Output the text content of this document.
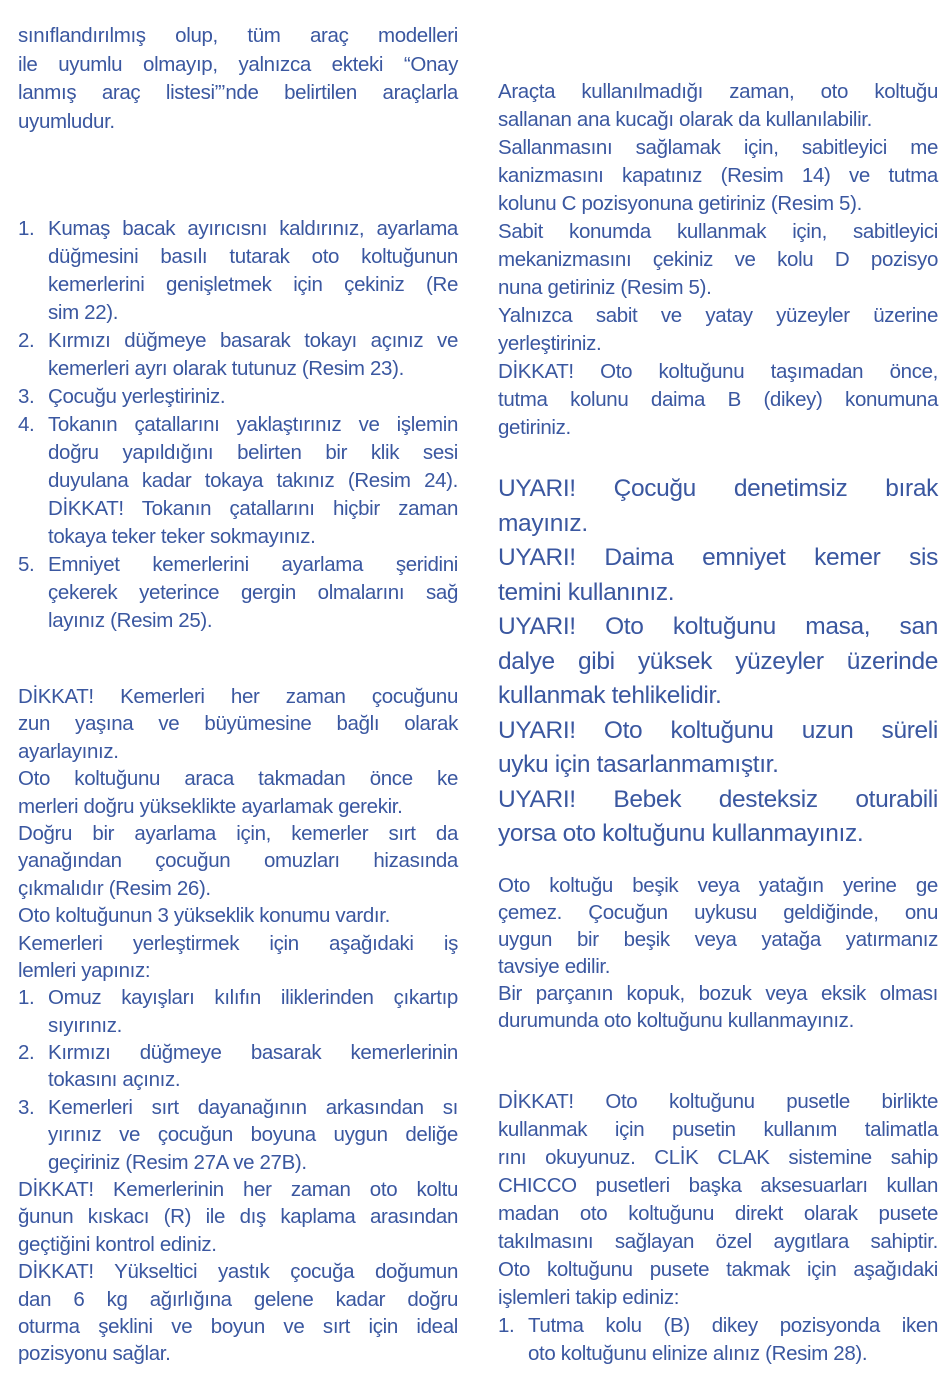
sınıflandırılmış olup, tüm araç modelleri
ile uyumlu olmayıp, yalnızca ekteki “Onay
lanmış araç listesi”’nde belirtilen araçlarla
uyumludur.
1. Kumaş bacak ayırıcısnı kaldırınız, ayarlama
düğmesini basılı tutarak oto koltuğunun
kemerlerini genişletmek için çekiniz (Re
sim 22).
2. Kırmızı düğmeye basarak tokayı açınız ve
kemerleri ayrı olarak tutunuz (Resim 23).
3. Çocuğu yerleştiriniz.
4. Tokanın çatallarını yaklaştırınız ve işlemin
doğru yapıldığını belirten bir klik sesi
duyulana kadar tokaya takınız (Resim 24).
DİKKAT! Tokanın çatallarını hiçbir zaman
tokaya teker teker sokmayınız.
5. Emniyet kemerlerini ayarlama şeridini
çekerek yeterince gergin olmalarını sağ
layınız (Resim 25).
DİKKAT! Kemerleri her zaman çocuğunu
zun yaşına ve büyümesine bağlı olarak
ayarlayınız.
Oto koltuğunu araca takmadan önce ke
merleri doğru yükseklikte ayarlamak gerekir.
Doğru bir ayarlama için, kemerler sırt da
yanağından çocuğun omuzları hizasında
çıkmalıdır (Resim 26).
Oto koltuğunun 3 yükseklik konumu vardır.
Kemerleri yerleştirmek için aşağıdaki iş
lemleri yapınız:
1. Omuz kayışları kılıfın iliklerinden çıkartıp
sıyırınız.
2. Kırmızı düğmeye basarak kemerlerinin
tokasını açınız.
3. Kemerleri sırt dayanağının arkasından sı
yırınız ve çocuğun boyuna uygun deliğe
geçiriniz (Resim 27A ve 27B).
DİKKAT! Kemerlerinin her zaman oto koltu
ğunun kıskacı (R) ile dış kaplama arasından
geçtiğini kontrol ediniz.
DİKKAT! Yükseltici yastık çocuğa doğumun
dan 6 kg ağırlığına gelene kadar doğru
oturma şeklini ve boyun ve sırt için ideal
pozisyonu sağlar.
Araçta kullanılmadığı zaman, oto koltuğu
sallanan ana kucağı olarak da kullanılabilir.
Sallanmasını sağlamak için, sabitleyici me
kanizmasını kapatınız (Resim 14) ve tutma
kolunu C pozisyonuna getiriniz (Resim 5).
Sabit konumda kullanmak için, sabitleyici
mekanizmasını çekiniz ve kolu D pozisyo
nuna getiriniz (Resim 5).
Yalnızca sabit ve yatay yüzeyler üzerine
yerleştiriniz.
DİKKAT! Oto koltuğunu taşımadan önce,
tutma kolunu daima B (dikey) konumuna
getiriniz.
UYARI! Çocuğu denetimsiz bırak
mayınız.
UYARI! Daima emniyet kemer sis
temini kullanınız.
UYARI! Oto koltuğunu masa, san
dalye gibi yüksek yüzeyler üzerinde
kullanmak tehlikelidir.
UYARI! Oto koltuğunu uzun süreli
uyku için tasarlanmamıştır.
UYARI! Bebek desteksiz oturabili
yorsa oto koltuğunu kullanmayınız.
Oto koltuğu beşik veya yatağın yerine ge
çemez. Çocuğun uykusu geldiğinde, onu
uygun bir beşik veya yatağa yatırmanız
tavsiye edilir.
Bir parçanın kopuk, bozuk veya eksik olması
durumunda oto koltuğunu kullanmayınız.
DİKKAT! Oto koltuğunu pusetle birlikte
kullanmak için pusetin kullanım talimatla
rını okuyunuz. CLİK CLAK sistemine sahip
CHICCO pusetleri başka aksesuarları kullan
madan oto koltuğunu direkt olarak pusete
takılmasını sağlayan özel aygıtlara sahiptir.
Oto koltuğunu pusete takmak için aşağıdaki
işlemleri takip ediniz:
1. Tutma kolu (B) dikey pozisyonda iken
oto koltuğunu elinize alınız (Resim 28).
